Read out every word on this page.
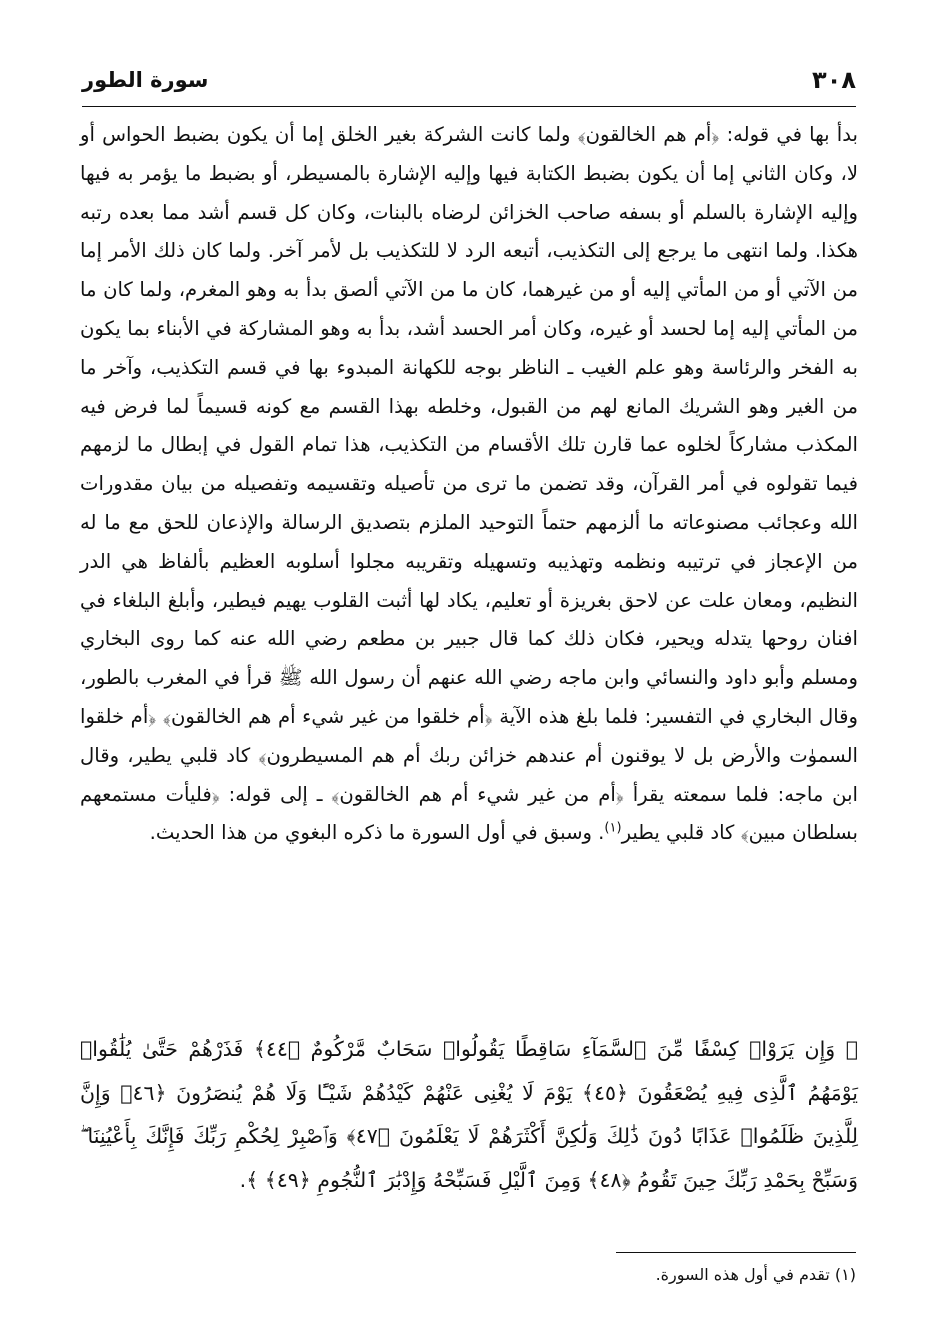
٣٠٨
سورة الطور

بدأ بها في قوله: ﴿أم هم الخالقون﴾ ولما كانت الشركة بغير الخلق إما أن يكون بضبط الحواس أو لا، وكان الثاني إما أن يكون بضبط الكتابة فيها وإليه الإشارة بالمسيطر، أو بضبط ما يؤمر به فيها وإليه الإشارة بالسلم أو بسفه صاحب الخزائن لرضاه بالبنات، وكان كل قسم أشد مما بعده رتبه هكذا. ولما انتهى ما يرجع إلى التكذيب، أتبعه الرد لا للتكذيب بل لأمر آخر. ولما كان ذلك الأمر إما من الآتي أو من المأتي إليه أو من غيرهما، كان ما من الآتي ألصق بدأ به وهو المغرم، ولما كان ما من المأتي إليه إما لحسد أو غيره، وكان أمر الحسد أشد، بدأ به وهو المشاركة في الأبناء بما يكون به الفخر والرئاسة وهو علم الغيب ـ الناظر بوجه للكهانة المبدوء بها في قسم التكذيب، وآخر ما من الغير وهو الشريك المانع لهم من القبول، وخلطه بهذا القسم مع كونه قسيماً لما فرض فيه المكذب مشاركاً لخلوه عما قارن تلك الأقسام من التكذيب، هذا تمام القول في إبطال ما لزمهم فيما تقولوه في أمر القرآن، وقد تضمن ما ترى من تأصيله وتقسيمه وتفصيله من بيان مقدورات الله وعجائب مصنوعاته ما ألزمهم حتماً التوحيد الملزم بتصديق الرسالة والإذعان للحق مع ما له من الإعجاز في ترتيبه ونظمه وتهذيبه وتسهيله وتقريبه مجلوا أسلوبه العظيم بألفاظ هي الدر النظيم، ومعان علت عن لاحق بغريزة أو تعليم، يكاد لها أثبت القلوب يهيم فيطير، وأبلغ البلغاء في افنان روحها يتدله ويحير، فكان ذلك كما قال جبير بن مطعم رضي الله عنه كما روى البخاري ومسلم وأبو داود والنسائي وابن ماجه رضي الله عنهم أن رسول الله ﷺ قرأ في المغرب بالطور، وقال البخاري في التفسير: فلما بلغ هذه الآية ﴿أم خلقوا من غير شيء أم هم الخالقون﴾ ﴿أم خلقوا السموٰت والأرض بل لا يوقنون أم عندهم خزائن ربك أم هم المسيطرون﴾ كاد قلبي يطير، وقال ابن ماجه: فلما سمعته يقرأ ﴿أم من غير شيء أم هم الخالقون﴾ ـ إلى قوله: ﴿فليأت مستمعهم بسلطان مبين﴾ كاد قلبي يطير$^{(١)}$. وسبق في أول السورة ما ذكره البغوي من هذا الحديث.

﴿ وَإِن يَرَوْا۟ كِسْفًا مِّنَ ٱلسَّمَآءِ سَاقِطًا يَقُولُوا۟ سَحَابٌ مَّرْكُومٌ ﴿٤٤﴾ فَذَرْهُمْ حَتَّىٰ يُلَٰقُوا۟ يَوْمَهُمُ ٱلَّذِى فِيهِ يُصْعَقُونَ ﴿٤٥﴾ يَوْمَ لَا يُغْنِى عَنْهُمْ كَيْدُهُمْ شَيْـًٔا وَلَا هُمْ يُنصَرُونَ ﴿٤٦﴾ وَإِنَّ لِلَّذِينَ ظَلَمُوا۟ عَذَابًا دُونَ ذَٰلِكَ وَلَٰكِنَّ أَكْثَرَهُمْ لَا يَعْلَمُونَ ﴿٤٧﴾ وَٱصْبِرْ لِحُكْمِ رَبِّكَ فَإِنَّكَ بِأَعْيُنِنَا ۖ وَسَبِّحْ بِحَمْدِ رَبِّكَ حِينَ تَقُومُ ﴿٤٨﴾ وَمِنَ ٱلَّيْلِ فَسَبِّحْهُ وَإِدْبَٰرَ ٱلنُّجُومِ ﴿٤٩﴾ ﴾.

(١) تقدم في أول هذه السورة.
